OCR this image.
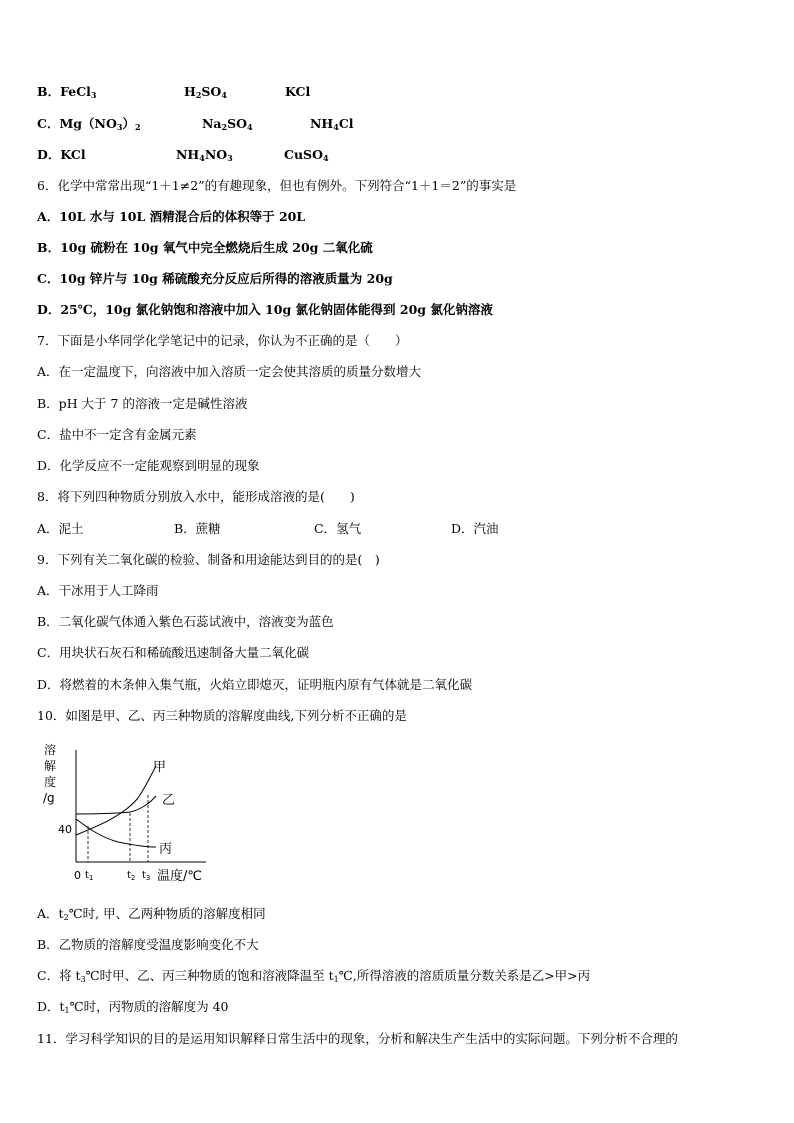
B．FeCl$_3$	$H_2SO_4$	KCl
C．$Mg(NO_3)_2$	$Na_2SO_4$	$NH_4Cl$
D．KCl	$NH_4NO_3$	CuSO$_4$
6．化学中常常出现“1＋1≠2”的有趣现象，但也有例外。下列符合“1＋1＝2”的事实是
A．10L 水与 10L 酒精混合后的体积等于 20L
B．10g 硫粉在 10g 氧气中完全燃烧后生成 20g 二氧化硫
C．10g 锌片与 10g 稀硫酸充分反应后所得的溶液质量为 20g
D．25℃，10g 氯化钠饱和溶液中加入 10g 氯化钠固体能得到 20g 氯化钠溶液
7．下面是小华同学化学笔记中的记录，你认为不正确的是（　　）
A．在一定温度下，向溶液中加入溶质一定会使其溶质的质量分数增大
B．pH 大于 7 的溶液一定是碱性溶液
C．盐中不一定含有金属元素
D．化学反应不一定能观察到明显的现象
8．将下列四种物质分别放入水中，能形成溶液的是(　　)
A．泥土	B．蔗糖	C．氢气	D．汽油
9．下列有关二氧化碳的检验、制备和用途能达到目的的是(　)
A．干冰用于人工降雨
B．二氧化碳气体通入紫色石蕊试液中，溶液变为蓝色
C．用块状石灰石和稀硫酸迅速制备大量二氧化碳
D．将燃着的木条伸入集气瓶，火焰立即熄灭，证明瓶内原有气体就是二氧化碳
10．如图是甲、乙、丙三种物质的溶解度曲线,下列分析不正确的是
溶
解
度
/g
40
甲
乙
丙
0 $t_1$	$t_2$ $t_3$ 温度/℃
A．$t_2℃$时, 甲、乙两种物质的溶解度相同
B．乙物质的溶解度受温度影响变化不大
C．将 $t_3℃$时甲、乙、丙三种物质的饱和溶液降温至 $t_1℃$,所得溶液的溶质质量分数关系是乙>甲>丙
D．$t_1℃$时，丙物质的溶解度为 40
11．学习科学知识的目的是运用知识解释日常生活中的现象，分析和解决生产生活中的实际问题。下列分析不合理的
